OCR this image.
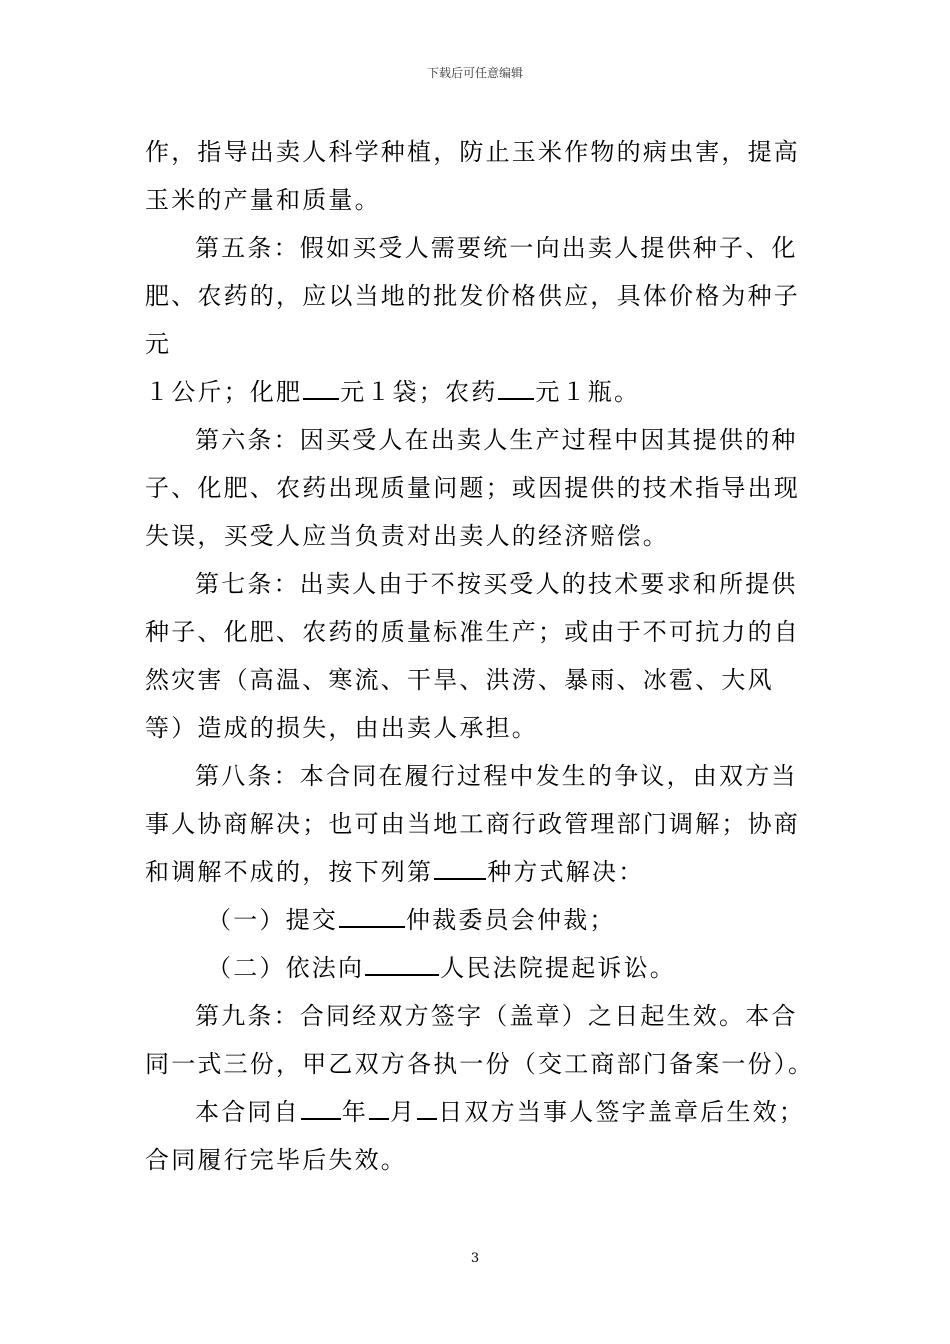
下载后可任意编辑
作，指导出卖人科学种植，防止玉米作物的病虫害，提高
玉米的产量和质量。
第五条：假如买受人需要统一向出卖人提供种子、化
肥、农药的，应以当地的批发价格供应，具体价格为种子
元
１公斤；化肥 元１袋；农药 元１瓶。
第六条：因买受人在出卖人生产过程中因其提供的种
子、化肥、农药出现质量问题；或因提供的技术指导出现
失误，买受人应当负责对出卖人的经济赔偿。
第七条：出卖人由于不按买受人的技术要求和所提供
种子、化肥、农药的质量标准生产；或由于不可抗力的自
然灾害（高温、寒流、干旱、洪涝、暴雨、冰雹、大风
等）造成的损失，由出卖人承担。
第八条：本合同在履行过程中发生的争议，由双方当
事人协商解决；也可由当地工商行政管理部门调解；协商
和调解不成的，按下列第 种方式解决：
（一）提交	仲裁委员会仲裁；
（二）依法向	人民法院提起诉讼。
第九条：合同经双方签字（盖章）之日起生效。本合
同一式三份，甲乙双方各执一份（交工商部门备案一份）。
本合同自 年 月 日双方当事人签字盖章后生效；
合同履行完毕后失效。
3
